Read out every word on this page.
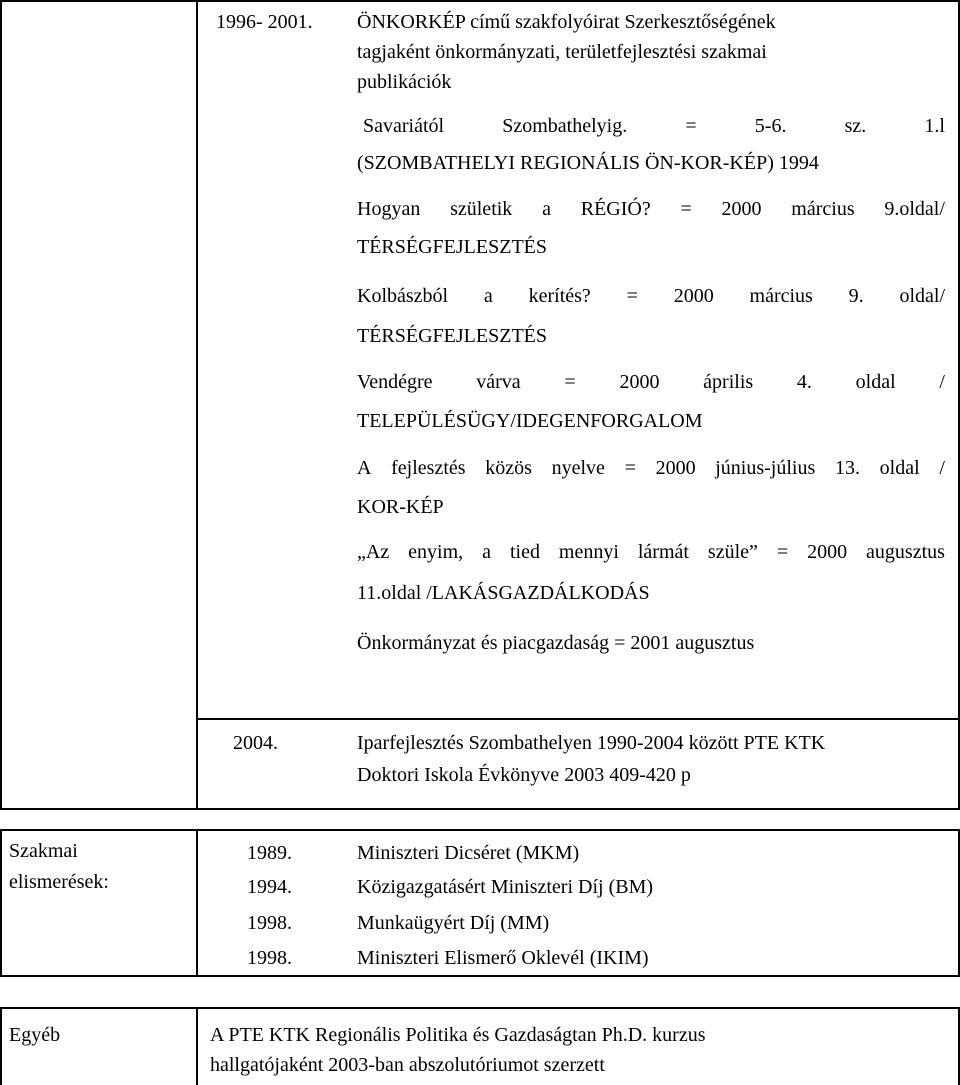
1996- 2001. ÖNKORKÉP című szakfolyóirat Szerkesztőségének
tagjaként önkormányzati, területfejlesztési szakmai
publikációk
Savariától	Szombathelyig.	=	5-6.	sz.	1.l
(SZOMBATHELYI REGIONÁLIS ÖN-KOR-KÉP) 1994
Hogyan születik a RÉGIÓ? = 2000 március 9.oldal/
TÉRSÉGFEJLESZTÉS
Kolbászból a kerítés? = 2000 március 9. oldal/
TÉRSÉGFEJLESZTÉS
Vendégre várva = 2000 április 4. oldal /
TELEPÜLÉSÜGY/IDEGENFORGALOM
A fejlesztés közös nyelve = 2000 június-július 13. oldal /
KOR-KÉP
„Az enyim, a tied mennyi lármát szüle” = 2000 augusztus
11.oldal /LAKÁSGAZDÁLKODÁS
Önkormányzat és piacgazdaság = 2001 augusztus
2004.	Iparfejlesztés Szombathelyen 1990-2004 között PTE KTK
Doktori Iskola Évkönyve 2003 409-420 p
Szakmai
elismerések:
1989.	Miniszteri Dicséret (MKM)
1994.	Közigazgatásért Miniszteri Díj (BM)
1998.	Munkaügyért Díj (MM)
1998.	Miniszteri Elismerő Oklevél (IKIM)
Egyéb	A PTE KTK Regionális Politika és Gazdaságtan Ph.D. kurzus
hallgatójaként 2003-ban abszolutóriumot szerzett
